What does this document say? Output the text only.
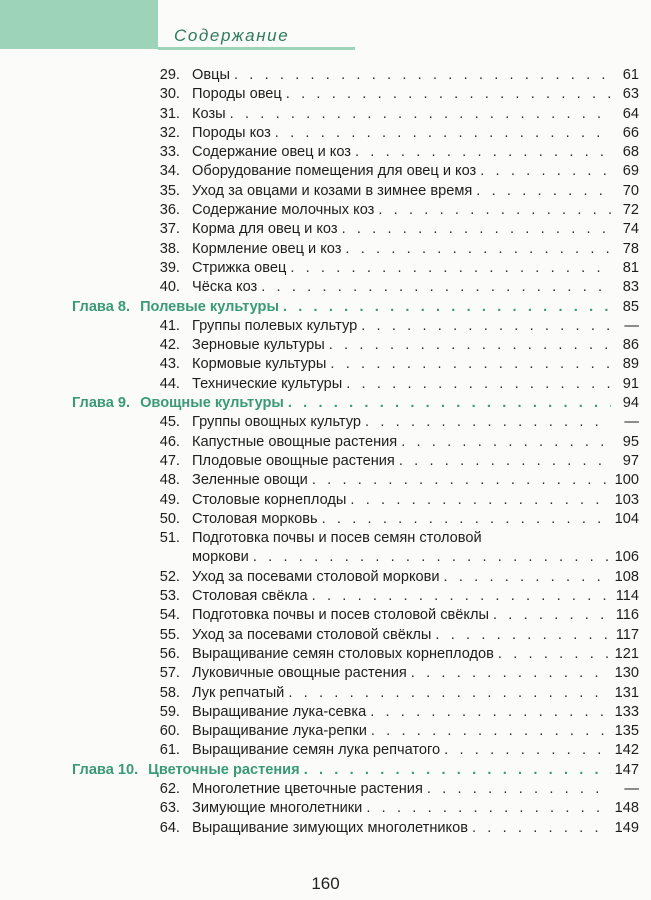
Содержание
29. Овцы . . .	61
30. Породы овец . . .	63
31. Козы . . .	64
32. Породы коз . . .	66
33. Содержание овец и коз . . .	68
34. Оборудование помещения для овец и коз . . .	69
35. Уход за овцами и козами в зимнее время . . .	70
36. Содержание молочных коз . . .	72
37. Корма для овец и коз . . .	74
38. Кормление овец и коз . . .	78
39. Стрижка овец . . .	81
40. Чёска коз . . .	83
Глава 8. Полевые культуры . . .	85
41. Группы полевых культур . . .	—
42. Зерновые культуры . . .	86
43. Кормовые культуры . . .	89
44. Технические культуры . . .	91
Глава 9. Овощные культуры . . .	94
45. Группы овощных культур . . .	—
46. Капустные овощные растения . . .	95
47. Плодовые овощные растения . . .	97
48. Зеленные овощи . . .	100
49. Столовые корнеплоды . . .	103
50. Столовая морковь . . .	104
51. Подготовка почвы и посев семян столовой
моркови . . .	106
52. Уход за посевами столовой моркови . . .	108
53. Столовая свёкла . . .	114
54. Подготовка почвы и посев столовой свёклы . . .	116
55. Уход за посевами столовой свёклы . . .	117
56. Выращивание семян столовых корнеплодов . . .	121
57. Луковичные овощные растения . . .	130
58. Лук репчатый . . .	131
59. Выращивание лука-севка . . .	133
60. Выращивание лука-репки . . .	135
61. Выращивание семян лука репчатого . . .	142
Глава 10. Цветочные растения . . .	147
62. Многолетние цветочные растения . . .	—
63. Зимующие многолетники . . .	148
64. Выращивание зимующих многолетников . . .	149
160
